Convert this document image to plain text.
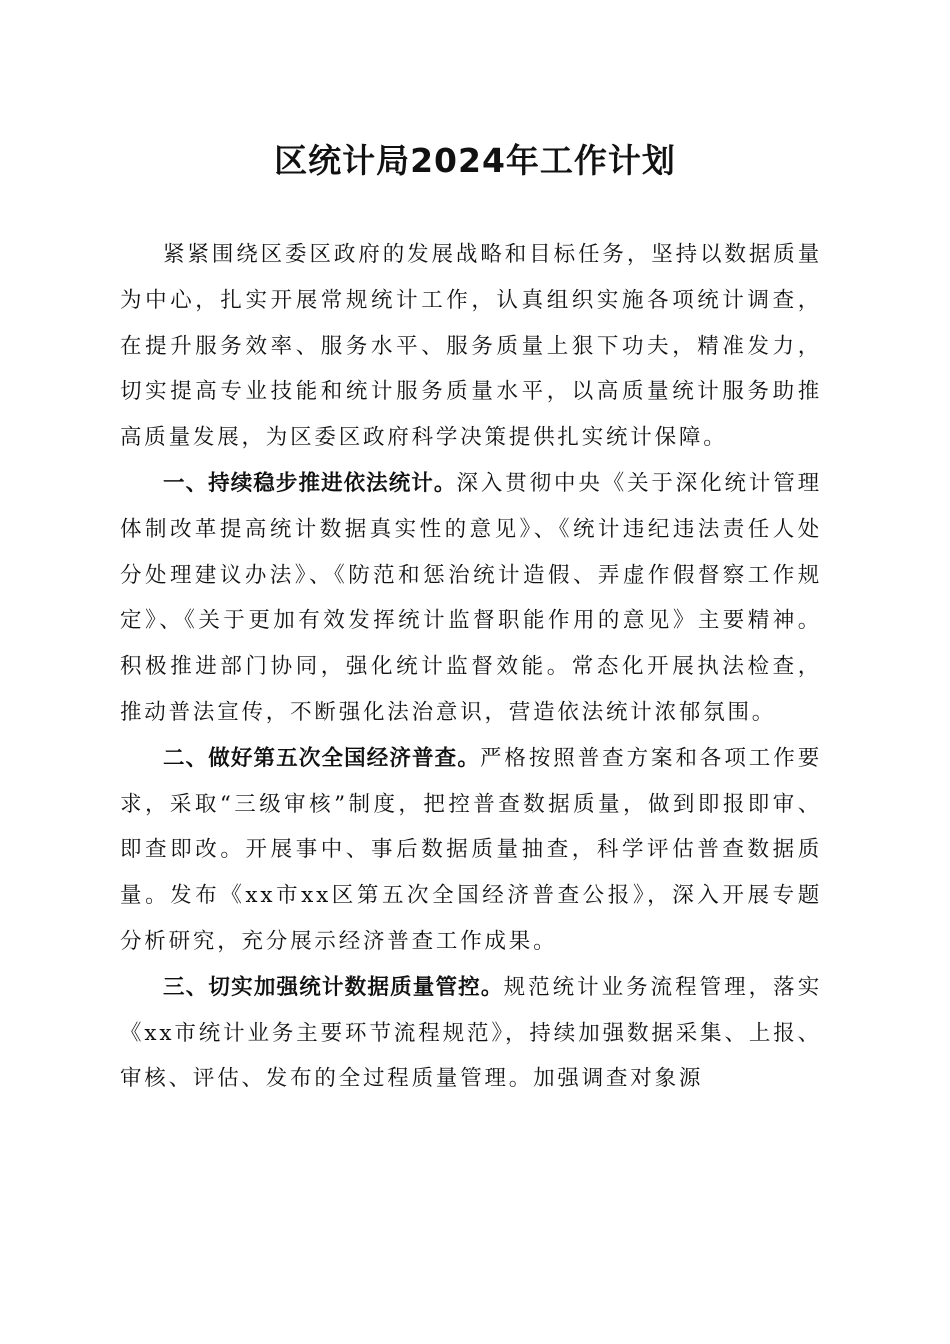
区统计局2024年工作计划

紧紧围绕区委区政府的发展战略和目标任务，坚持以数据质量为中心，扎实开展常规统计工作，认真组织实施各项统计调查，在提升服务效率、服务水平、服务质量上狠下功夫，精准发力，切实提高专业技能和统计服务质量水平，以高质量统计服务助推高质量发展，为区委区政府科学决策提供扎实统计保障。

一、持续稳步推进依法统计。深入贯彻中央《关于深化统计管理体制改革提高统计数据真实性的意见》、《统计违纪违法责任人处分处理建议办法》、《防范和惩治统计造假、弄虚作假督察工作规定》、《关于更加有效发挥统计监督职能作用的意见》主要精神。积极推进部门协同，强化统计监督效能。常态化开展执法检查，推动普法宣传，不断强化法治意识，营造依法统计浓郁氛围。

二、做好第五次全国经济普查。严格按照普查方案和各项工作要求，采取“三级审核”制度，把控普查数据质量，做到即报即审、即查即改。开展事中、事后数据质量抽查，科学评估普查数据质量。发布《xx市xx区第五次全国经济普查公报》，深入开展专题分析研究，充分展示经济普查工作成果。

三、切实加强统计数据质量管控。规范统计业务流程管理，落实《xx市统计业务主要环节流程规范》，持续加强数据采集、上报、审核、评估、发布的全过程质量管理。加强调查对象源
